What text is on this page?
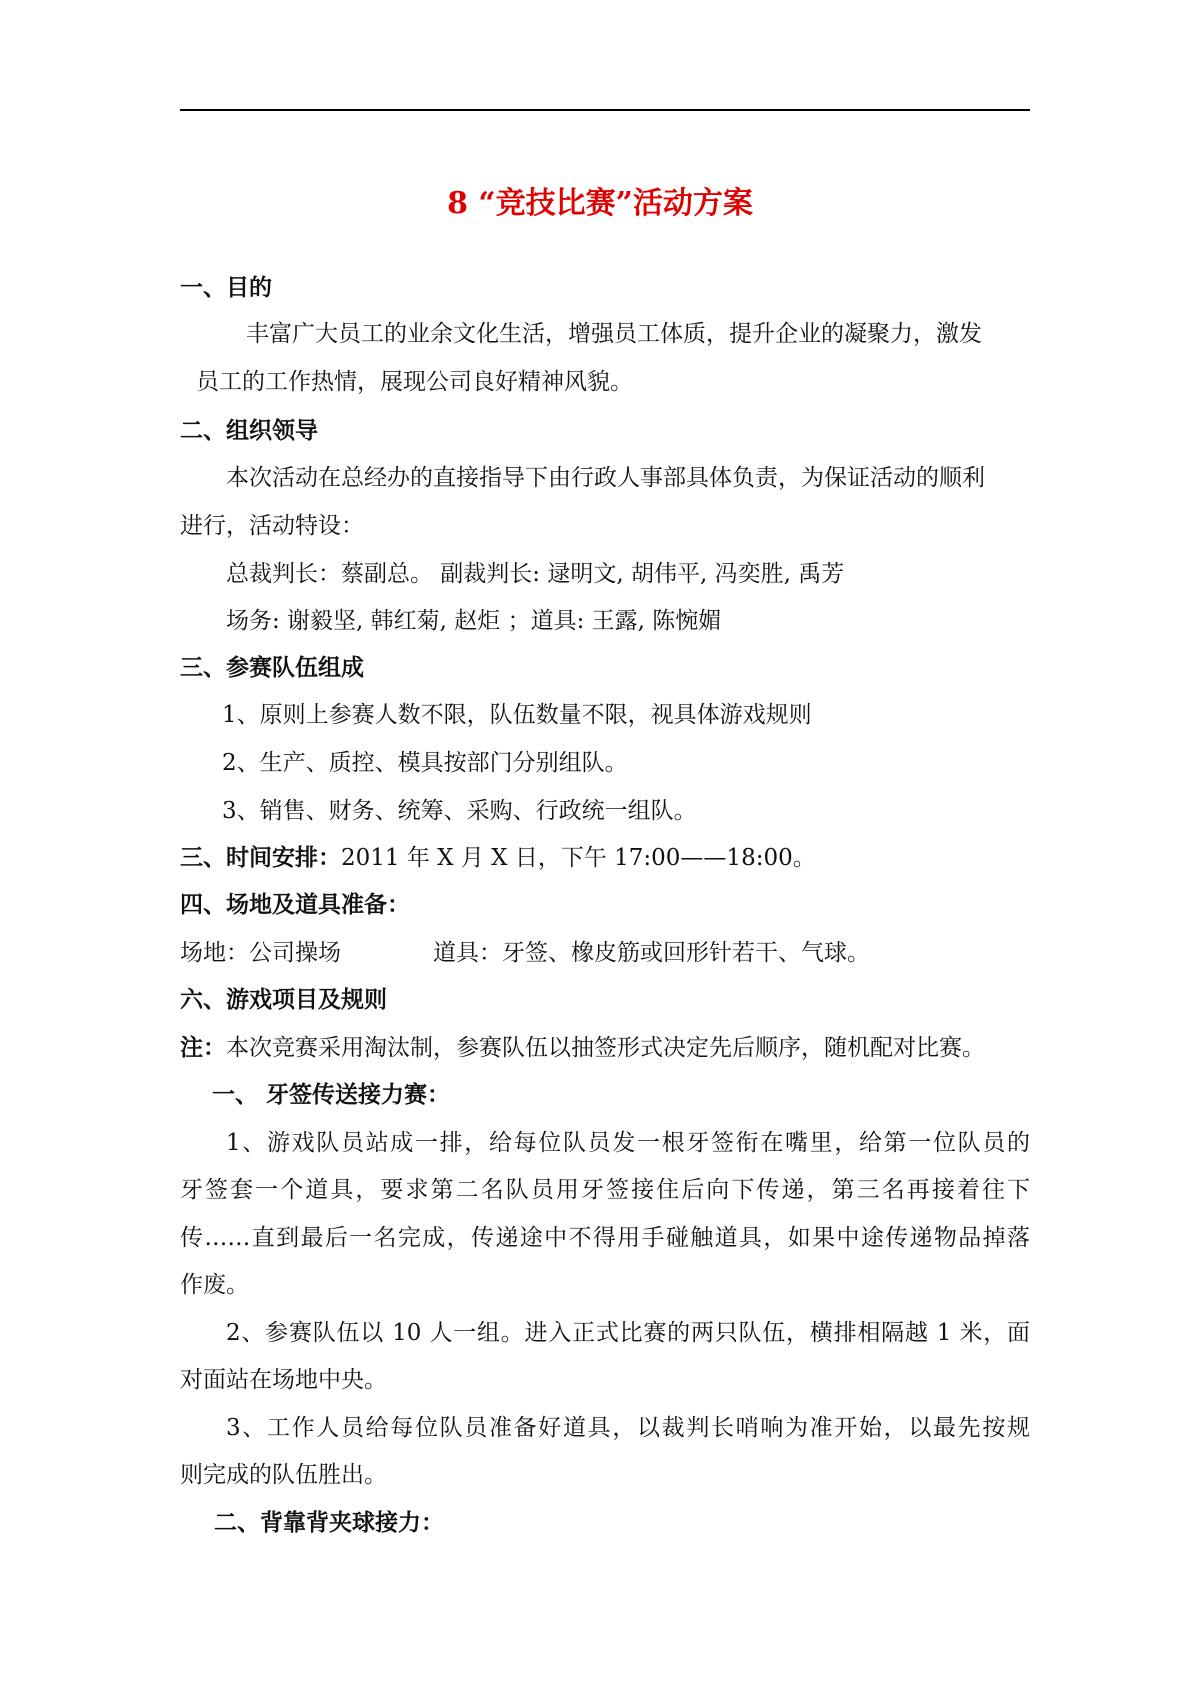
8 “竞技比赛”活动方案
一、目的
丰富广大员工的业余文化生活，增强员工体质，提升企业的凝聚力，激发
员工的工作热情，展现公司良好精神风貌。
二、组织领导
本次活动在总经办的直接指导下由行政人事部具体负责，为保证活动的顺利
进行，活动特设：
总裁判长：蔡副总。 副裁判长: 逯明文, 胡伟平, 冯奕胜, 禹芳
场务: 谢毅坚, 韩红菊, 赵炬 ；道具: 王露, 陈惋媚
三、参赛队伍组成
1、原则上参赛人数不限，队伍数量不限，视具体游戏规则
2、生产、质控、模具按部门分别组队。
3、销售、财务、统筹、采购、行政统一组队。
三、时间安排：2011 年 X 月 X 日，下午 17:00——18:00。
四、场地及道具准备：
场地：公司操场	道具：牙签、橡皮筋或回形针若干、气球。
六、游戏项目及规则
注：本次竞赛采用淘汰制，参赛队伍以抽签形式决定先后顺序，随机配对比赛。
一、 牙签传送接力赛：
1、游戏队员站成一排，给每位队员发一根牙签衔在嘴里，给第一位队员的
牙签套一个道具，要求第二名队员用牙签接住后向下传递，第三名再接着往下
传……直到最后一名完成，传递途中不得用手碰触道具，如果中途传递物品掉落
作废。
2、参赛队伍以 10 人一组。进入正式比赛的两只队伍，横排相隔越 1 米，面
对面站在场地中央。
3、工作人员给每位队员准备好道具，以裁判长哨响为准开始，以最先按规
则完成的队伍胜出。
二、背靠背夹球接力：
